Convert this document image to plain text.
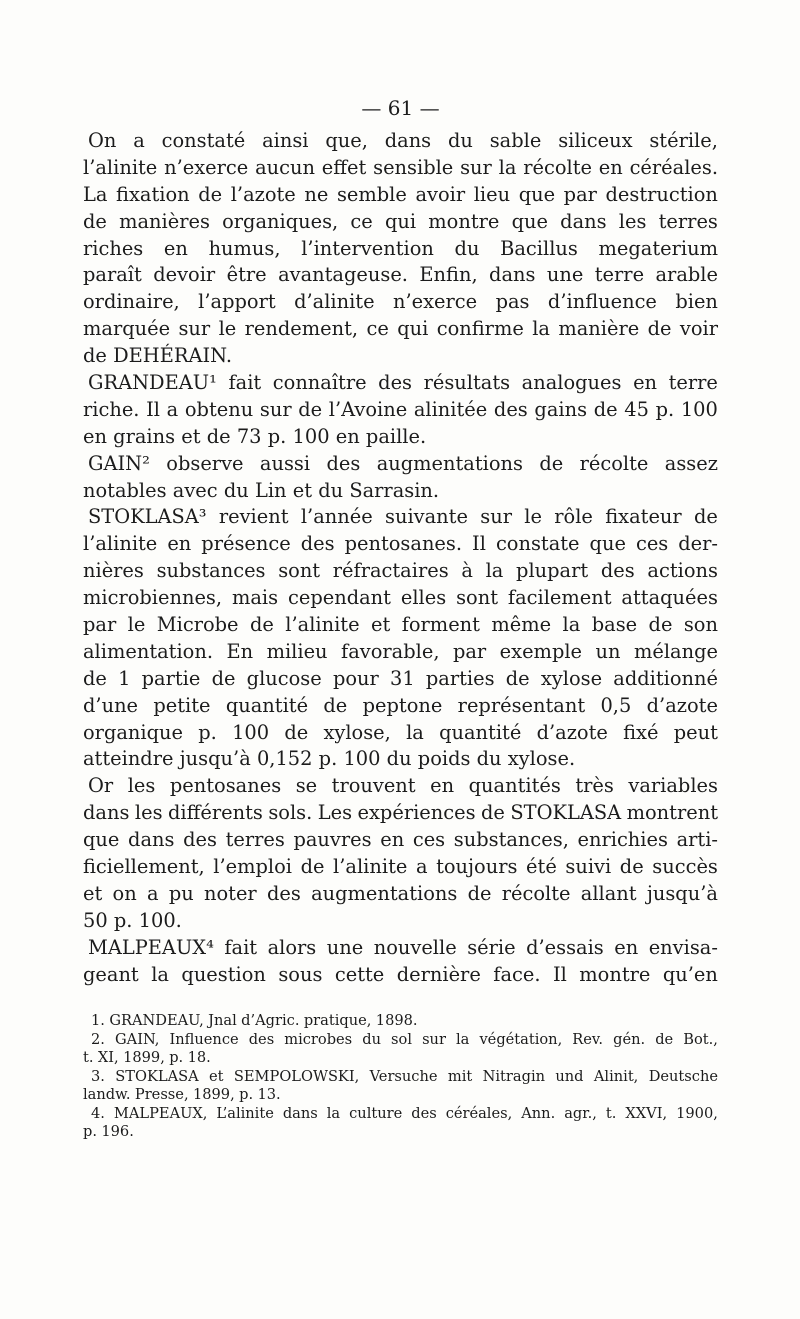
— 61 —
On a constaté ainsi que, dans du sable siliceux stérile,
l’alinite n’exerce aucun effet sensible sur la récolte en céréales.
La fixation de l’azote ne semble avoir lieu que par destruction
de manières organiques, ce qui montre que dans les terres
riches en humus, l’intervention du Bacillus megaterium
paraît devoir être avantageuse. Enfin, dans une terre arable
ordinaire, l’apport d’alinite n’exerce pas d’influence bien
marquée sur le rendement, ce qui confirme la manière de voir
de DEHÉRAIN.
GRANDEAU¹ fait connaître des résultats analogues en terre
riche. Il a obtenu sur de l’Avoine alinitée des gains de 45 p. 100
en grains et de 73 p. 100 en paille.
GAIN² observe aussi des augmentations de récolte assez
notables avec du Lin et du Sarrasin.
STOKLASA³ revient l’année suivante sur le rôle fixateur de
l’alinite en présence des pentosanes. Il constate que ces der-
nières substances sont réfractaires à la plupart des actions
microbiennes, mais cependant elles sont facilement attaquées
par le Microbe de l’alinite et forment même la base de son
alimentation. En milieu favorable, par exemple un mélange
de 1 partie de glucose pour 31 parties de xylose additionné
d’une petite quantité de peptone représentant 0,5 d’azote
organique p. 100 de xylose, la quantité d’azote fixé peut
atteindre jusqu’à 0,152 p. 100 du poids du xylose.
Or les pentosanes se trouvent en quantités très variables
dans les différents sols. Les expériences de STOKLASA montrent
que dans des terres pauvres en ces substances, enrichies arti-
ficiellement, l’emploi de l’alinite a toujours été suivi de succès
et on a pu noter des augmentations de récolte allant jusqu’à
50 p. 100.
MALPEAUX⁴ fait alors une nouvelle série d’essais en envisa-
geant la question sous cette dernière face. Il montre qu’en
1. GRANDEAU, Jnal d’Agric. pratique, 1898.
2. GAIN, Influence des microbes du sol sur la végétation, Rev. gén. de Bot.,
t. XI, 1899, p. 18.
3. STOKLASA et SEMPOLOWSKI, Versuche mit Nitragin und Alinit, Deutsche
landw. Presse, 1899, p. 13.
4. MALPEAUX, L’alinite dans la culture des céréales, Ann. agr., t. XXVI, 1900,
p. 196.
